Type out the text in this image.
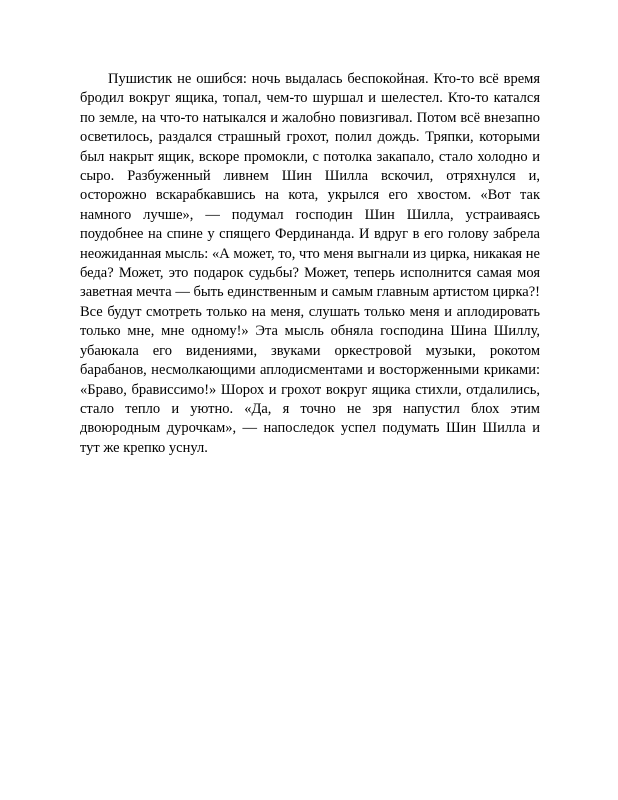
Пушистик не ошибся: ночь выдалась беспокойная. Кто-то всё время бродил вокруг ящика, топал, чем-то шуршал и шелестел. Кто-то катался по земле, на что-то натыкался и жалобно повизгивал. Потом всё внезапно осветилось, раздался страшный грохот, полил дождь. Тряпки, которыми был накрыт ящик, вскоре промокли, с потолка закапало, стало холодно и сыро. Разбуженный ливнем Шин Шилла вскочил, отряхнулся и, осторожно вскарабкавшись на кота, укрылся его хвостом. «Вот так намного лучше», — подумал господин Шин Шилла, устраиваясь поудобнее на спине у спящего Фердинанда. И вдруг в его голову забрела неожиданная мысль: «А может, то, что меня выгнали из цирка, никакая не беда? Может, это подарок судьбы? Может, теперь исполнится самая моя заветная мечта — быть единственным и самым главным артистом цирка?! Все будут смотреть только на меня, слушать только меня и аплодировать только мне, мне одному!» Эта мысль обняла господина Шина Шиллу, убаюкала его видениями, звуками оркестровой музыки, рокотом барабанов, несмолкающими аплодисментами и восторженными криками: «Браво, брависсимо!» Шорох и грохот вокруг ящика стихли, отдалились, стало тепло и уютно. «Да, я точно не зря напустил блох этим двоюродным дурочкам», — напоследок успел подумать Шин Шилла и тут же крепко уснул.
